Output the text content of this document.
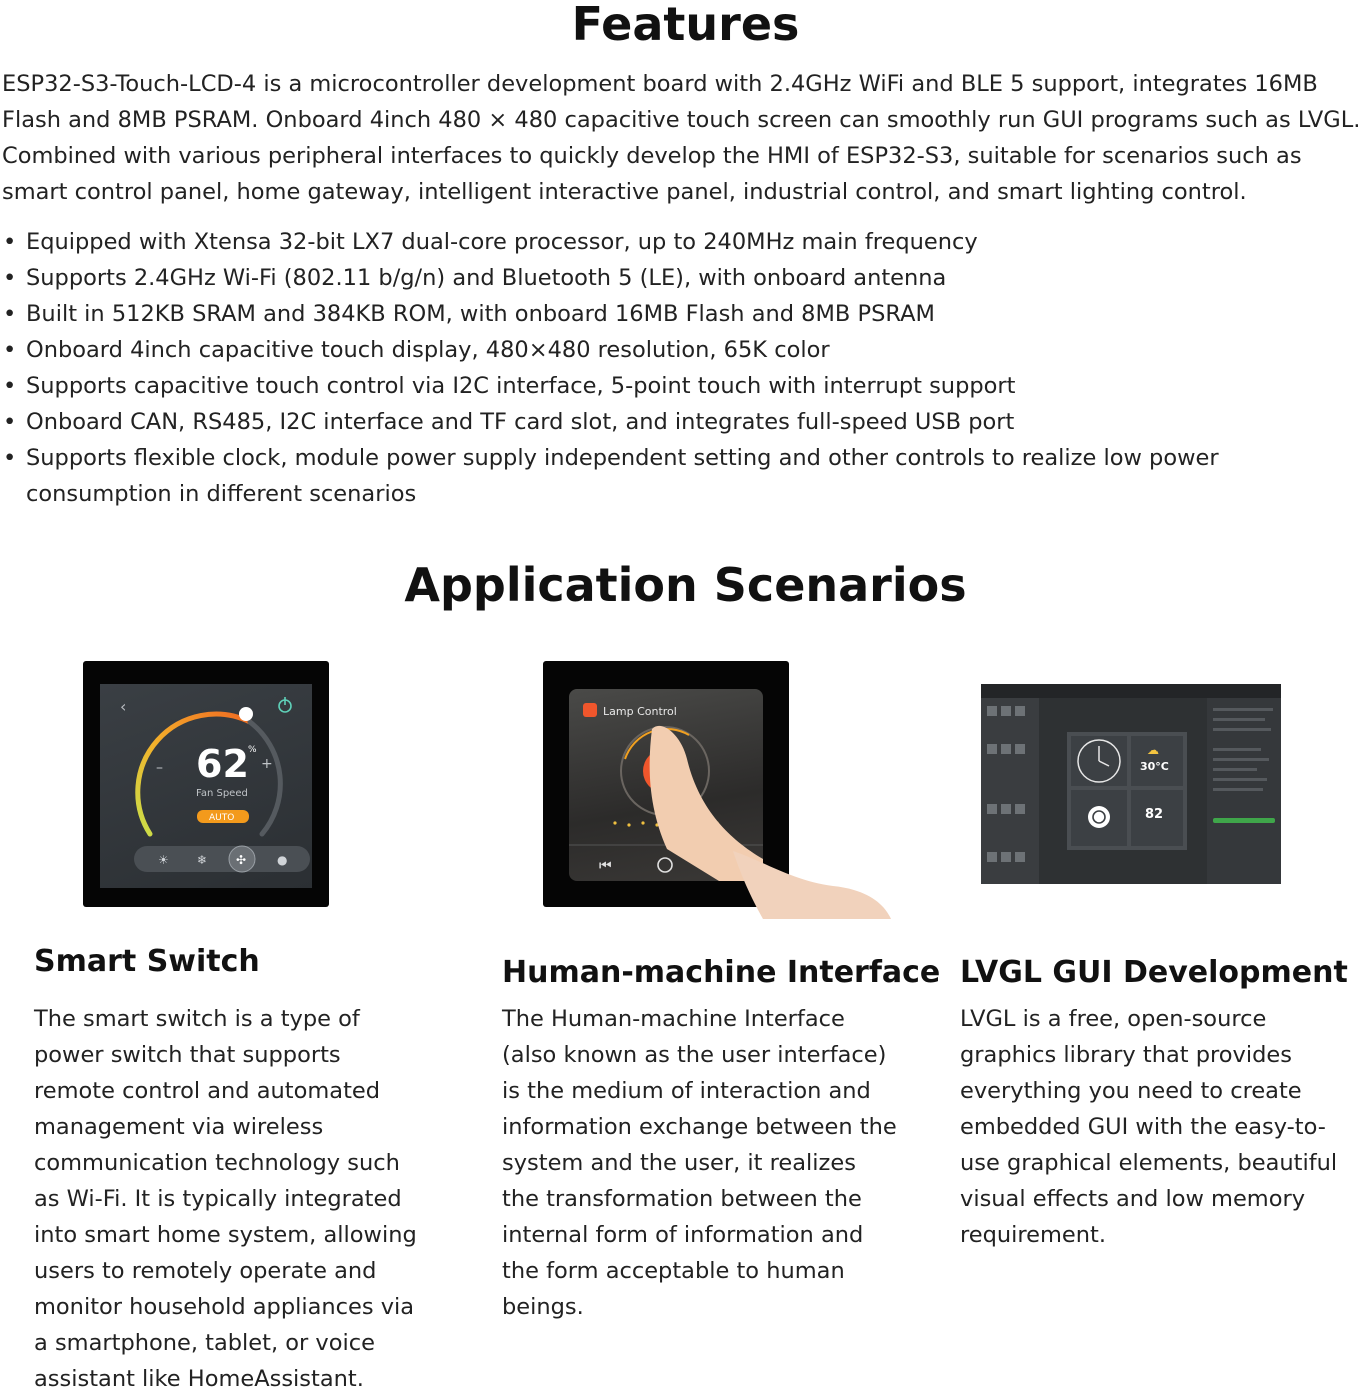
Features

ESP32-S3-Touch-LCD-4 is a microcontroller development board with 2.4GHz WiFi and BLE 5 support, integrates 16MB Flash and 8MB PSRAM. Onboard 4inch 480 × 480 capacitive touch screen can smoothly run GUI programs such as LVGL. Combined with various peripheral interfaces to quickly develop the HMI of ESP32-S3, suitable for scenarios such as smart control panel, home gateway, intelligent interactive panel, industrial control, and smart lighting control.

• Equipped with Xtensa 32-bit LX7 dual-core processor, up to 240MHz main frequency
• Supports 2.4GHz Wi-Fi (802.11 b/g/n) and Bluetooth 5 (LE), with onboard antenna
• Built in 512KB SRAM and 384KB ROM, with onboard 16MB Flash and 8MB PSRAM
• Onboard 4inch capacitive touch display, 480×480 resolution, 65K color
• Supports capacitive touch control via I2C interface, 5-point touch with interrupt support
• Onboard CAN, RS485, I2C interface and TF card slot, and integrates full-speed USB port
• Supports flexible clock, module power supply independent setting and other controls to realize low power consumption in different scenarios
Application Scenarios
‹
– 62 %
+
Fan Speed
AUTO
☀ ❄ ✣	●
Lamp Control
⏮
☁
30°C
82
Smart Switch

The smart switch is a type of power switch that supports remote control and automated management via wireless communication technology such as Wi-Fi. It is typically integrated into smart home system, allowing users to remotely operate and monitor household appliances via a smartphone, tablet, or voice assistant like HomeAssistant.

Human-machine Interface

The Human-machine Interface (also known as the user interface) is the medium of interaction and information exchange between the system and the user, it realizes the transformation between the internal form of information and the form acceptable to human beings.

LVGL GUI Development

LVGL is a free, open-source graphics library that provides everything you need to create embedded GUI with the easy-to-use graphical elements, beautiful visual effects and low memory requirement.
